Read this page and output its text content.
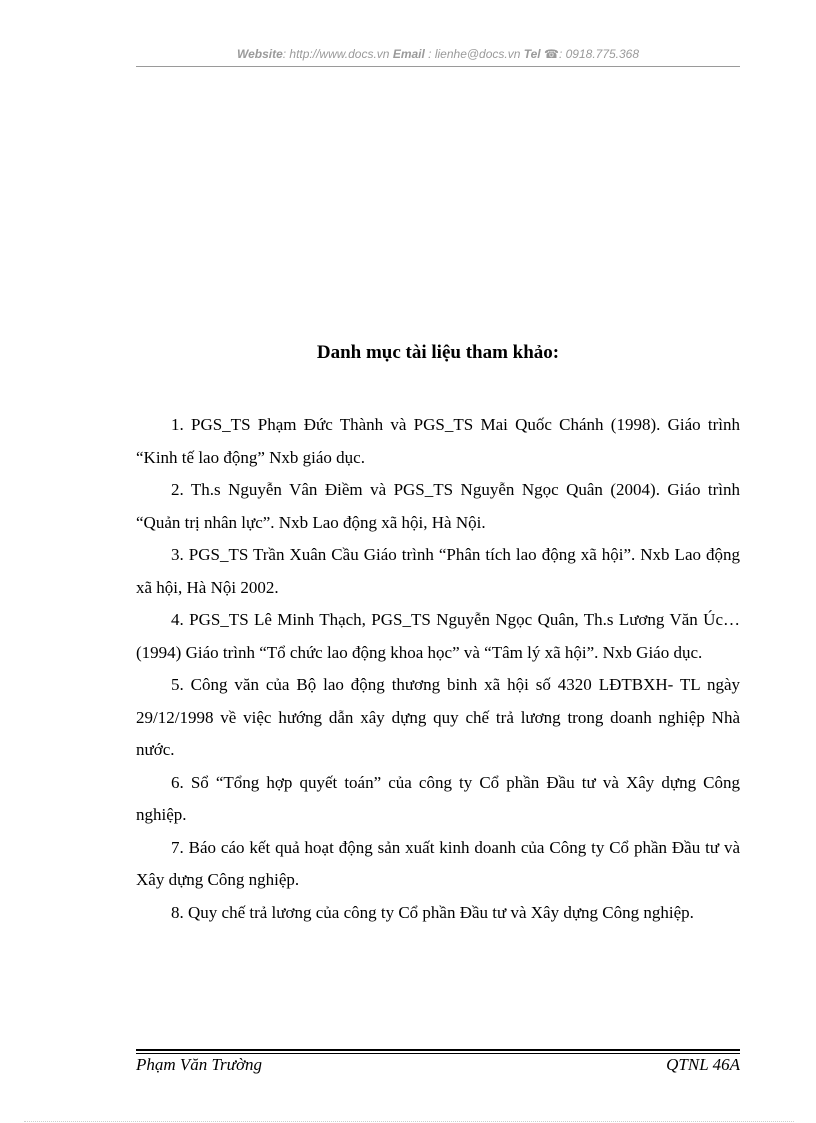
Website: http://www.docs.vn Email : lienhe@docs.vn Tel ☎: 0918.775.368
Danh mục tài liệu tham khảo:

1. PGS_TS Phạm Đức Thành và PGS_TS Mai Quốc Chánh (1998). Giáo trình “Kinh tế lao động” Nxb giáo dục.

2. Th.s Nguyễn Vân Điềm và PGS_TS Nguyễn Ngọc Quân (2004). Giáo trình “Quản trị nhân lực”. Nxb Lao động xã hội, Hà Nội.

3. PGS_TS Trần Xuân Cầu Giáo trình “Phân tích lao động xã hội”. Nxb Lao động xã hội, Hà Nội 2002.

4. PGS_TS Lê Minh Thạch, PGS_TS Nguyễn Ngọc Quân, Th.s Lương Văn Úc…(1994) Giáo trình “Tổ chức lao động khoa học” và “Tâm lý xã hội”. Nxb Giáo dục.

5. Công văn của Bộ lao động thương binh xã hội số 4320 LĐTBXH- TL ngày 29/12/1998 về việc hướng dẫn xây dựng quy chế trả lương trong doanh nghiệp Nhà nước.

6. Sổ “Tổng hợp quyết toán” của công ty Cổ phần Đầu tư và Xây dựng Công nghiệp.

7. Báo cáo kết quả hoạt động sản xuất kinh doanh của Công ty Cổ phần Đầu tư và Xây dựng Công nghiệp.

8. Quy chế trả lương của công ty Cổ phần Đầu tư và Xây dựng Công nghiệp.

Phạm Văn Trường	QTNL 46A
